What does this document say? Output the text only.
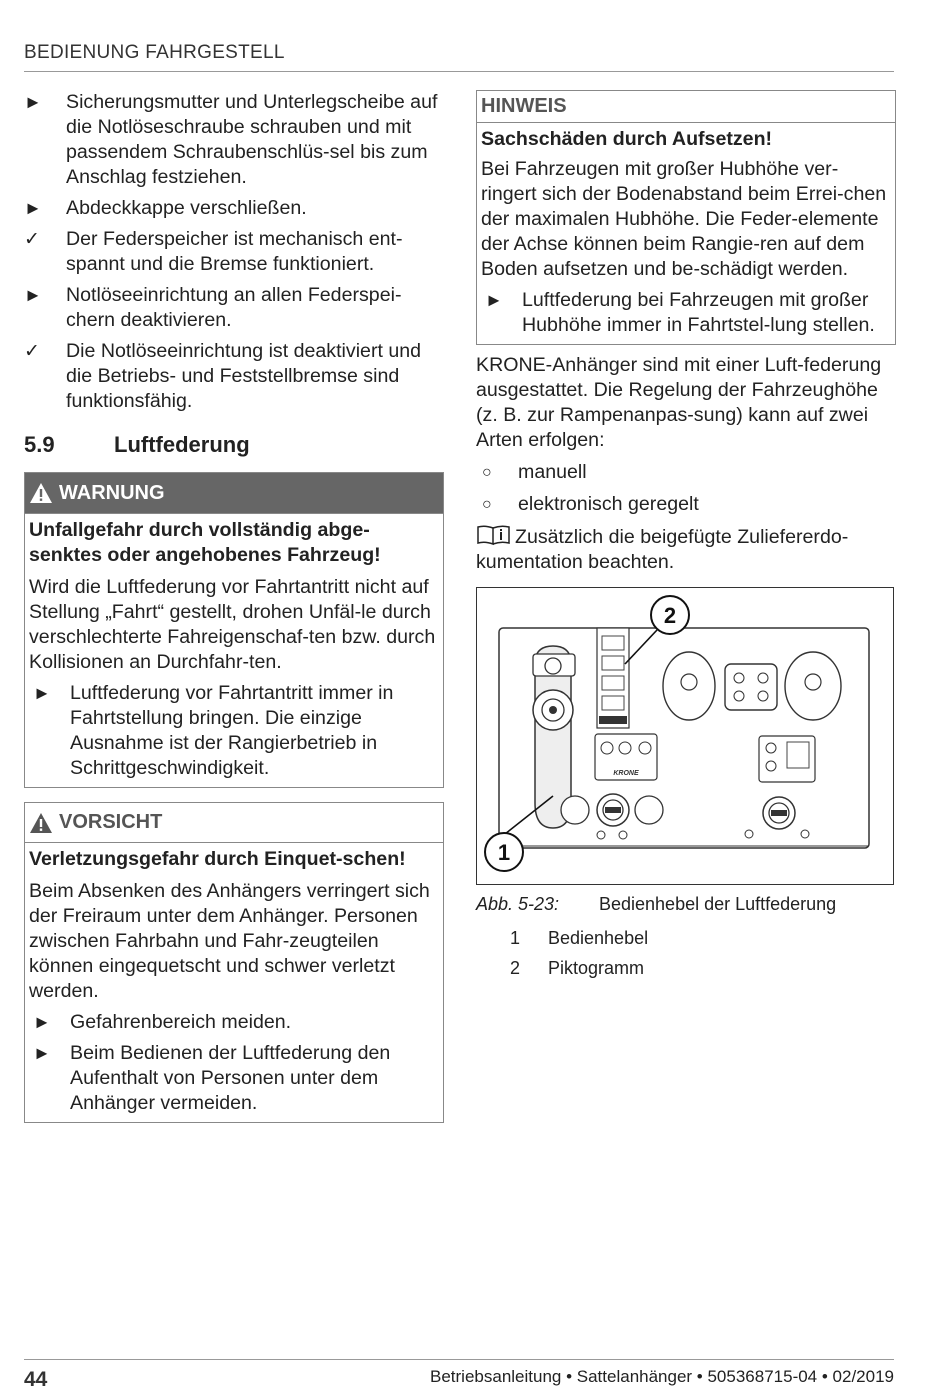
BEDIENUNG FAHRGESTELL
►	Sicherungsmutter und Unterlegscheibe auf die Notlöseschraube schrauben und mit passendem Schraubenschlüs-sel bis zum Anschlag festziehen.
►	Abdeckkappe verschließen.
✓	Der Federspeicher ist mechanisch ent-spannt und die Bremse funktioniert.
►	Notlöseeinrichtung an allen Federspei-chern deaktivieren.
✓	Die Notlöseeinrichtung ist deaktiviert und die Betriebs- und Feststellbremse sind funktionsfähig.
5.9	Luftfederung
WARNUNG
Unfallgefahr durch vollständig abge-senktes oder angehobenes Fahrzeug!
Wird die Luftfederung vor Fahrtantritt nicht auf Stellung „Fahrt“ gestellt, drohen Unfäl-le durch verschlechterte Fahreigenschaf-ten bzw. durch Kollisionen an Durchfahr-ten.
► Luftfederung vor Fahrtantritt immer in Fahrtstellung bringen. Die einzige Ausnahme ist der Rangierbetrieb in Schrittgeschwindigkeit.
VORSICHT
Verletzungsgefahr durch Einquet-schen!
Beim Absenken des Anhängers verringert sich der Freiraum unter dem Anhänger. Personen zwischen Fahrbahn und Fahr-zeugteilen können eingequetscht und schwer verletzt werden.
► Gefahrenbereich meiden.
► Beim Bedienen der Luftfederung den Aufenthalt von Personen unter dem Anhänger vermeiden.
HINWEIS
Sachschäden durch Aufsetzen!
Bei Fahrzeugen mit großer Hubhöhe ver-ringert sich der Bodenabstand beim Errei-chen der maximalen Hubhöhe. Die Feder-elemente der Achse können beim Rangie-ren auf dem Boden aufsetzen und be-schädigt werden.
► Luftfederung bei Fahrzeugen mit großer Hubhöhe immer in Fahrtstel-lung stellen.
KRONE-Anhänger sind mit einer Luft-federung ausgestattet. Die Regelung der Fahrzeughöhe (z. B. zur Rampenanpas-sung) kann auf zwei Arten erfolgen:
○ manuell
○ elektronisch geregelt
Zusätzlich die beigefügte Zuliefererdo-kumentation beachten.
KRONE
2
1
Abb. 5-23:	Bedienhebel der Luftfederung
1	Bedienhebel
2	Piktogramm
44	Betriebsanleitung • Sattelanhänger • 505368715-04 • 02/2019
